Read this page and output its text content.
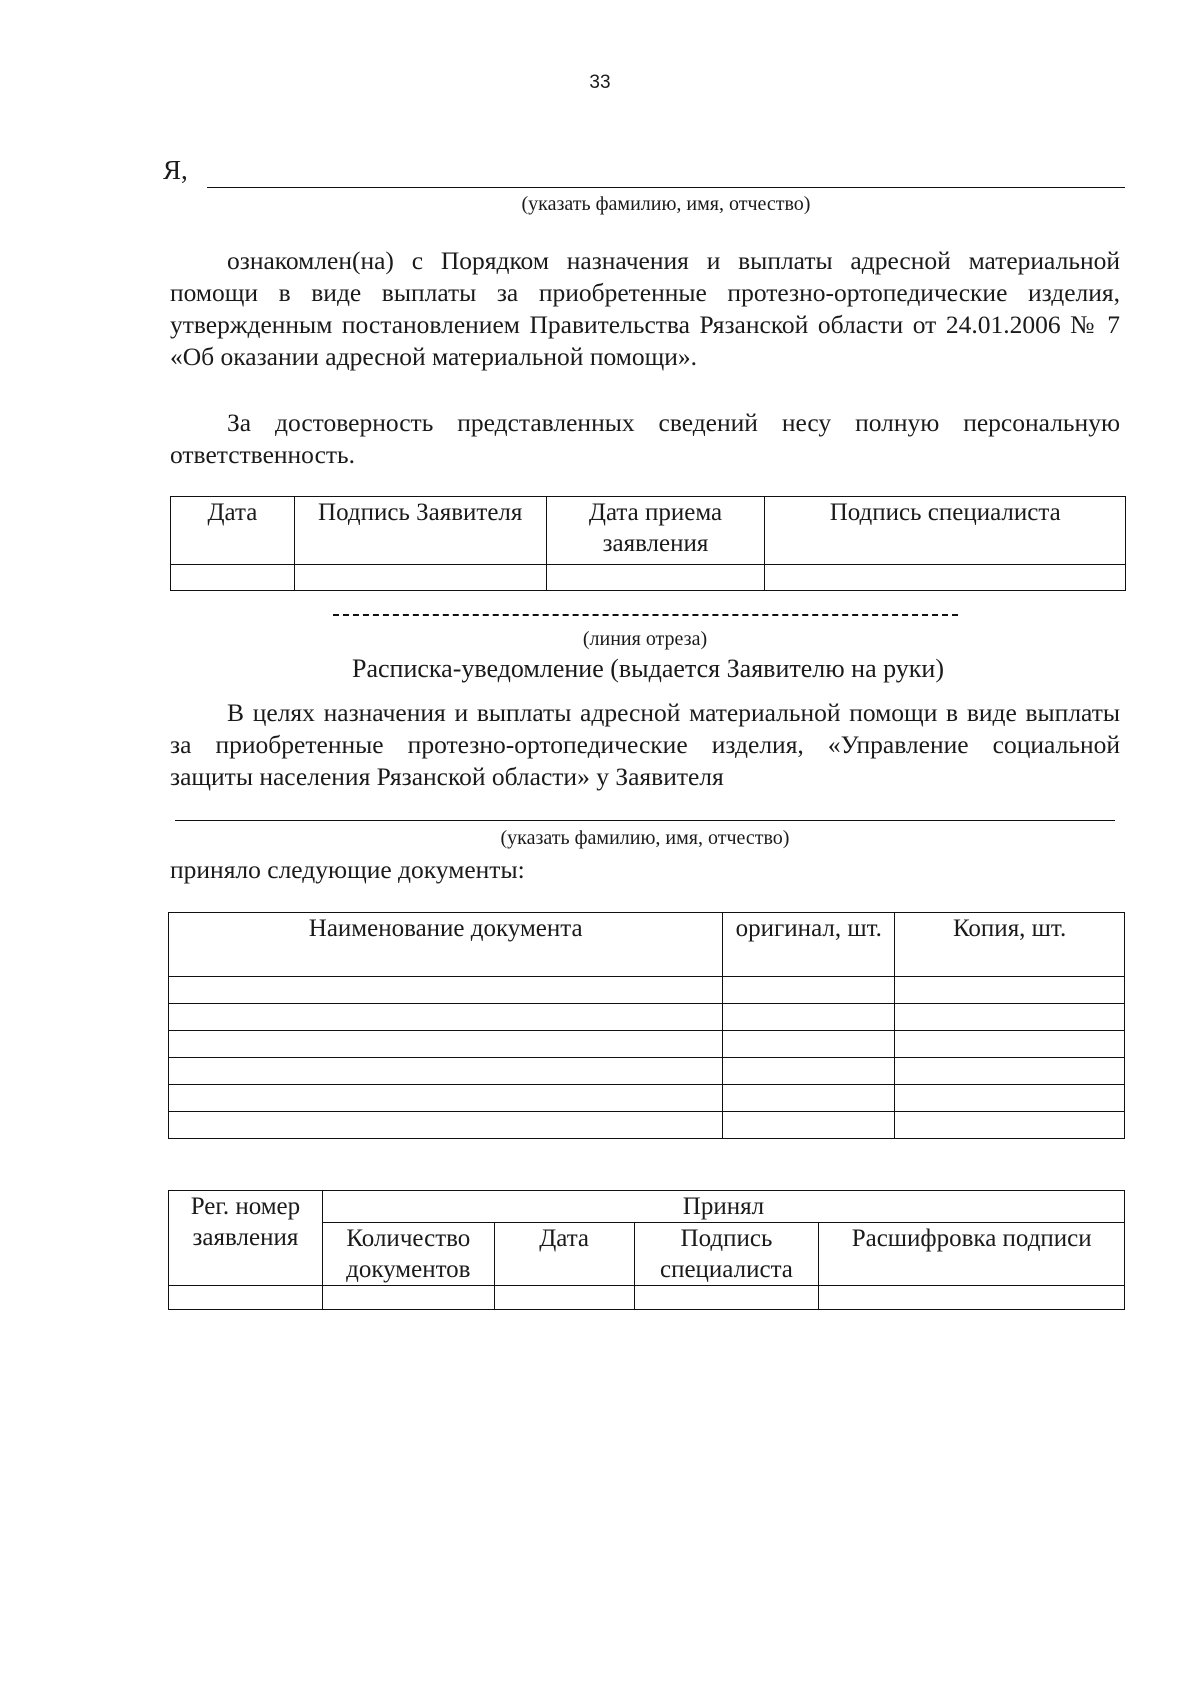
33
Я,
(указать фамилию, имя, отчество)

ознакомлен(на) с Порядком назначения и выплаты адресной материальной помощи в виде выплаты за приобретенные протезно-ортопедические изделия, утвержденным постановлением Правительства Рязанской области от 24.01.2006 № 7 «Об оказании адресной материальной помощи».

За достоверность представленных сведений несу полную персональную ответственность.

Дата	Подпись Заявителя	Дата приема заявления	Подпись специалиста

(линия отреза)
Расписка-уведомление (выдается Заявителю на руки)

В целях назначения и выплаты адресной материальной помощи в виде выплаты за приобретенные протезно-ортопедические изделия, «Управление социальной защиты населения Рязанской области» у Заявителя

(указать фамилию, имя, отчество)
приняло следующие документы:
Наименование документа	оригинал, шт.	Копия, шт.

Рег. номер заявления	Принял			
	Количество документов	Дата	Подпись специалиста	Расшифровка подписи
